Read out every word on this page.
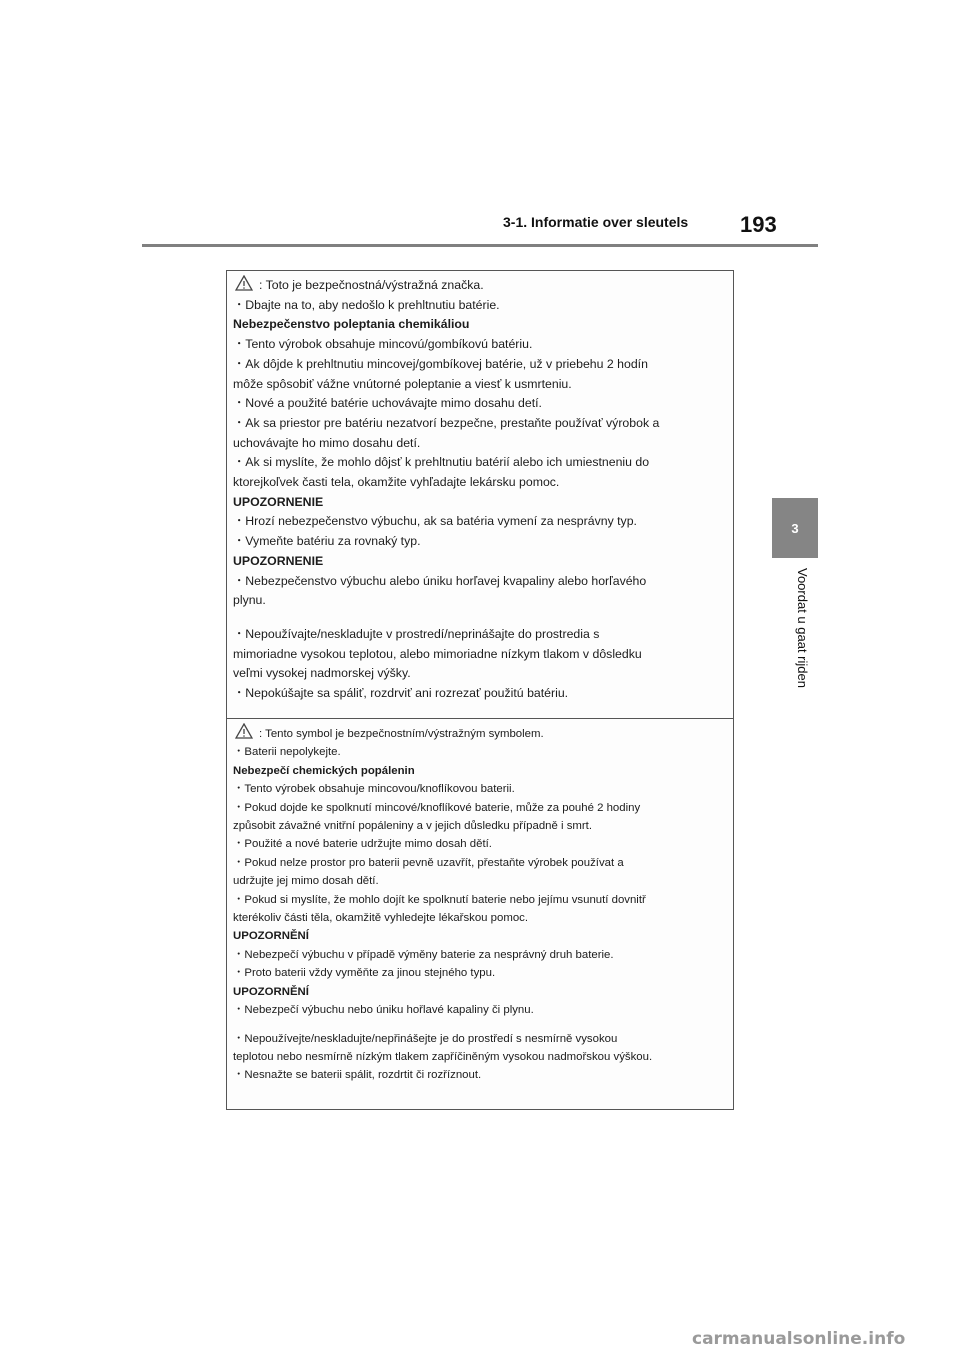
3-1. Informatie over sleutels 193
3
Voordat u gaat rijden
: Toto je bezpečnostná/výstražná značka.
・Dbajte na to, aby nedošlo k prehltnutiu batérie.
Nebezpečenstvo poleptania chemikáliou
・Tento výrobok obsahuje mincovú/gombíkovú batériu.
・Ak dôjde k prehltnutiu mincovej/gombíkovej batérie, už v priebehu 2 hodín
môže spôsobiť vážne vnútorné poleptanie a viesť k usmrteniu.
・Nové a použité batérie uchovávajte mimo dosahu detí.
・Ak sa priestor pre batériu nezatvorí bezpečne, prestaňte používať výrobok a
uchovávajte ho mimo dosahu detí.
・Ak si myslíte, že mohlo dôjsť k prehltnutiu batérií alebo ich umiestneniu do
ktorejkoľvek časti tela, okamžite vyhľadajte lekársku pomoc.
UPOZORNENIE
・Hrozí nebezpečenstvo výbuchu, ak sa batéria vymení za nesprávny typ.
・Vymeňte batériu za rovnaký typ.
UPOZORNENIE
・Nebezpečenstvo výbuchu alebo úniku horľavej kvapaliny alebo horľavého
plynu.
・Nepoužívajte/neskladujte v prostredí/neprinášajte do prostredia s
mimoriadne vysokou teplotou, alebo mimoriadne nízkym tlakom v dôsledku
veľmi vysokej nadmorskej výšky.
・Nepokúšajte sa spáliť, rozdrviť ani rozrezať použitú batériu.
: Tento symbol je bezpečnostním/výstražným symbolem.
・Baterii nepolykejte.
Nebezpečí chemických popálenin
・Tento výrobek obsahuje mincovou/knoflíkovou baterii.
・Pokud dojde ke spolknutí mincové/knoflíkové baterie, může za pouhé 2 hodiny
způsobit závažné vnitřní popáleniny a v jejich důsledku případně i smrt.
・Použité a nové baterie udržujte mimo dosah dětí.
・Pokud nelze prostor pro baterii pevně uzavřít, přestaňte výrobek používat a
udržujte jej mimo dosah dětí.
・Pokud si myslíte, že mohlo dojít ke spolknutí baterie nebo jejímu vsunutí dovnitř
kterékoliv části těla, okamžitě vyhledejte lékařskou pomoc.
UPOZORNĚNÍ
・Nebezpečí výbuchu v případě výměny baterie za nesprávný druh baterie.
・Proto baterii vždy vyměňte za jinou stejného typu.
UPOZORNĚNÍ
・Nebezpečí výbuchu nebo úniku hořlavé kapaliny či plynu.
・Nepoužívejte/neskladujte/nepřinášejte je do prostředí s nesmírně vysokou
teplotou nebo nesmírně nízkým tlakem zapříčiněným vysokou nadmořskou výškou.
・Nesnažte se baterii spálit, rozdrtit či rozříznout.
carmanualsonline.info
